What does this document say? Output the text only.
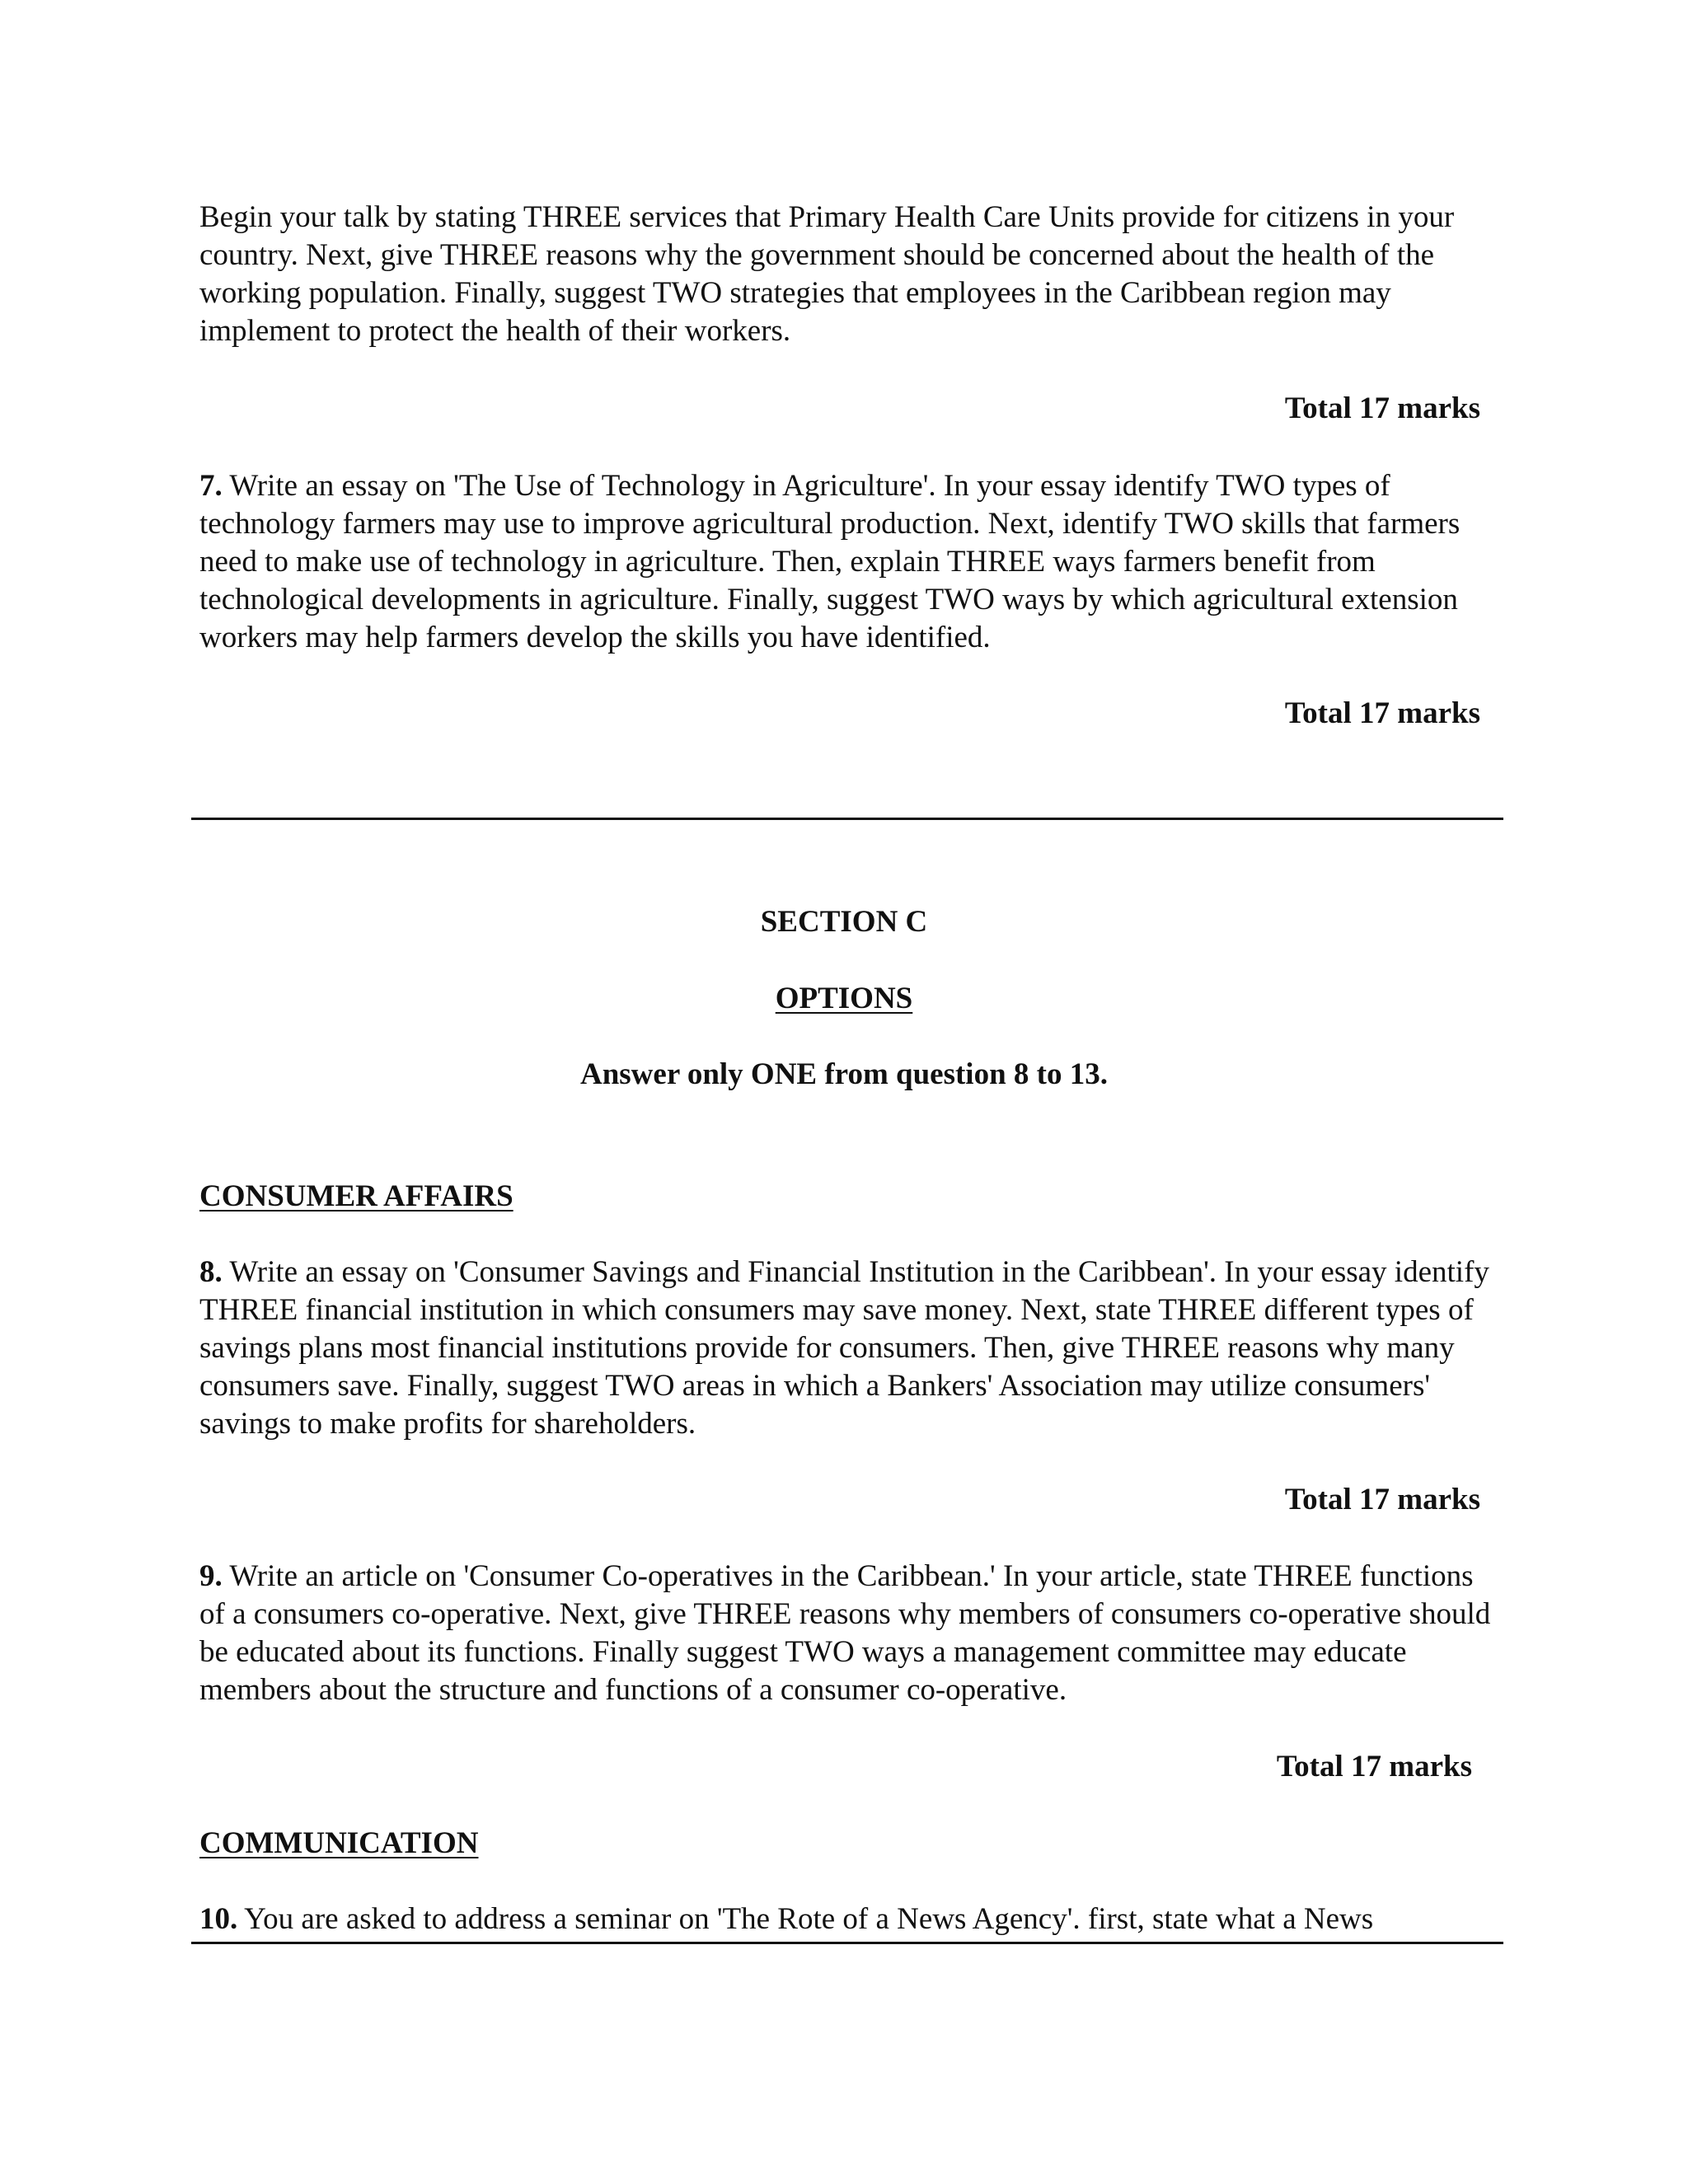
Begin your talk by stating THREE services that Primary Health Care Units provide for citizens in your country. Next, give THREE reasons why the government should be concerned about the health of the working population. Finally, suggest TWO strategies that employees in the Caribbean region may implement to protect the health of their workers.

Total 17 marks

7. Write an essay on 'The Use of Technology in Agriculture'. In your essay identify TWO types of technology farmers may use to improve agricultural production. Next, identify TWO skills that farmers need to make use of technology in agriculture. Then, explain THREE ways farmers benefit from technological developments in agriculture. Finally, suggest TWO ways by which agricultural extension workers may help farmers develop the skills you have identified.

Total 17 marks

SECTION C

OPTIONS

Answer only ONE from question 8 to 13.

CONSUMER AFFAIRS

8. Write an essay on 'Consumer Savings and Financial Institution in the Caribbean'. In your essay identify THREE financial institution in which consumers may save money. Next, state THREE different types of savings plans most financial institutions provide for consumers. Then, give THREE reasons why many consumers save. Finally, suggest TWO areas in which a Bankers' Association may utilize consumers' savings to make profits for shareholders.

Total 17 marks

9. Write an article on 'Consumer Co-operatives in the Caribbean.' In your article, state THREE functions of a consumers co-operative. Next, give THREE reasons why members of consumers co-operative should be educated about its functions. Finally suggest TWO ways a management committee may educate members about the structure and functions of a consumer co-operative.

Total 17 marks

COMMUNICATION

10. You are asked to address a seminar on 'The Rote of a News Agency'. first, state what a News
